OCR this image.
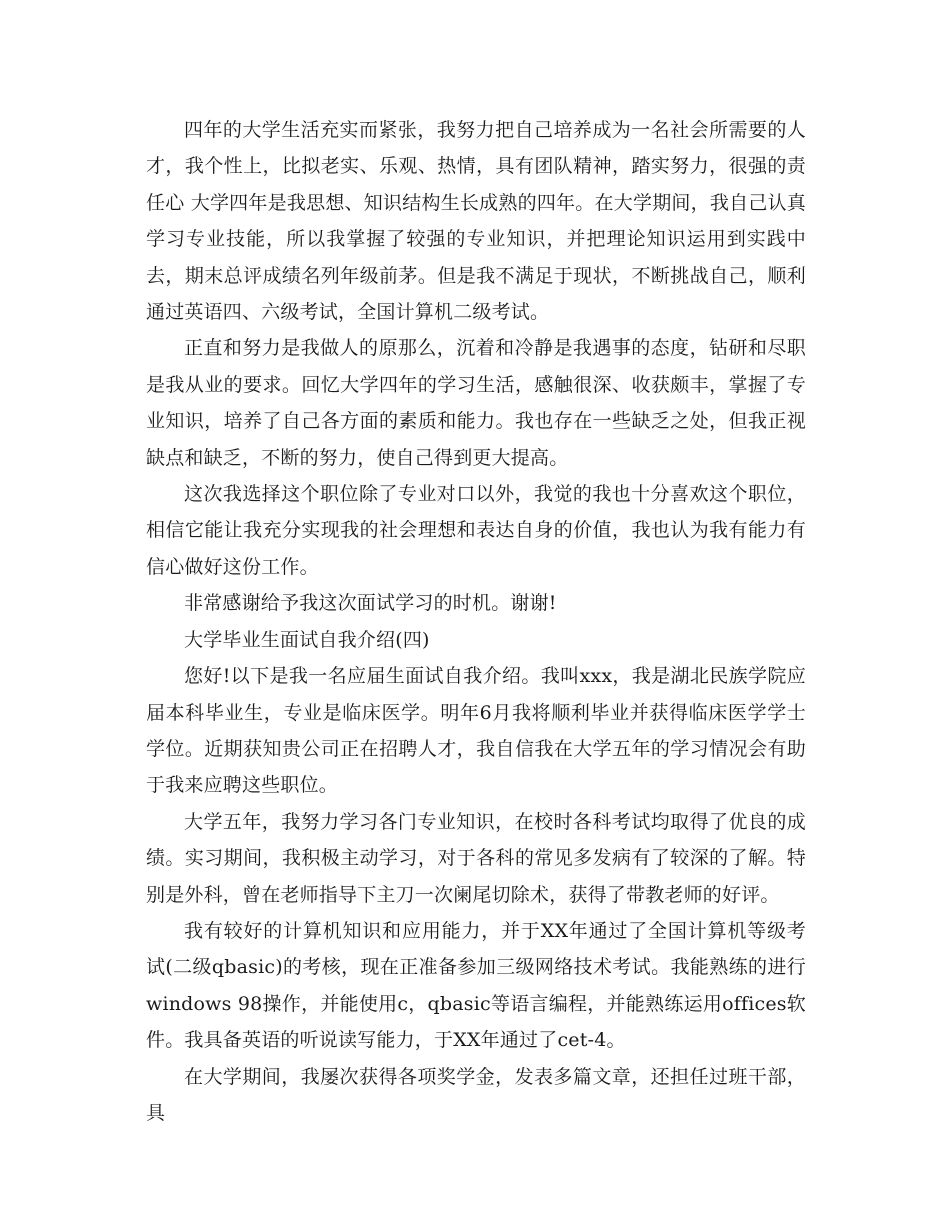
四年的大学生活充实而紧张，我努力把自己培养成为一名社会所需要的人才，我个性上，比拟老实、乐观、热情，具有团队精神，踏实努力，很强的责任心 大学四年是我思想、知识结构生长成熟的四年。在大学期间，我自己认真学习专业技能，所以我掌握了较强的专业知识，并把理论知识运用到实践中去，期末总评成绩名列年级前茅。但是我不满足于现状，不断挑战自己，顺利通过英语四、六级考试，全国计算机二级考试。

正直和努力是我做人的原那么，沉着和冷静是我遇事的态度，钻研和尽职是我从业的要求。回忆大学四年的学习生活，感触很深、收获颇丰，掌握了专业知识，培养了自己各方面的素质和能力。我也存在一些缺乏之处，但我正视缺点和缺乏，不断的努力，使自己得到更大提高。

这次我选择这个职位除了专业对口以外，我觉的我也十分喜欢这个职位，相信它能让我充分实现我的社会理想和表达自身的价值，我也认为我有能力有信心做好这份工作。

非常感谢给予我这次面试学习的时机。谢谢!

大学毕业生面试自我介绍(四)

您好!以下是我一名应届生面试自我介绍。我叫xxx，我是湖北民族学院应届本科毕业生，专业是临床医学。明年6月我将顺利毕业并获得临床医学学士学位。近期获知贵公司正在招聘人才，我自信我在大学五年的学习情况会有助于我来应聘这些职位。

大学五年，我努力学习各门专业知识，在校时各科考试均取得了优良的成绩。实习期间，我积极主动学习，对于各科的常见多发病有了较深的了解。特别是外科，曾在老师指导下主刀一次阑尾切除术，获得了带教老师的好评。

我有较好的计算机知识和应用能力，并于XX年通过了全国计算机等级考试(二级qbasic)的考核，现在正准备参加三级网络技术考试。我能熟练的进行windows 98操作，并能使用c，qbasic等语言编程，并能熟练运用offices软件。我具备英语的听说读写能力，于XX年通过了cet-4。

在大学期间，我屡次获得各项奖学金，发表多篇文章，还担任过班干部，具
